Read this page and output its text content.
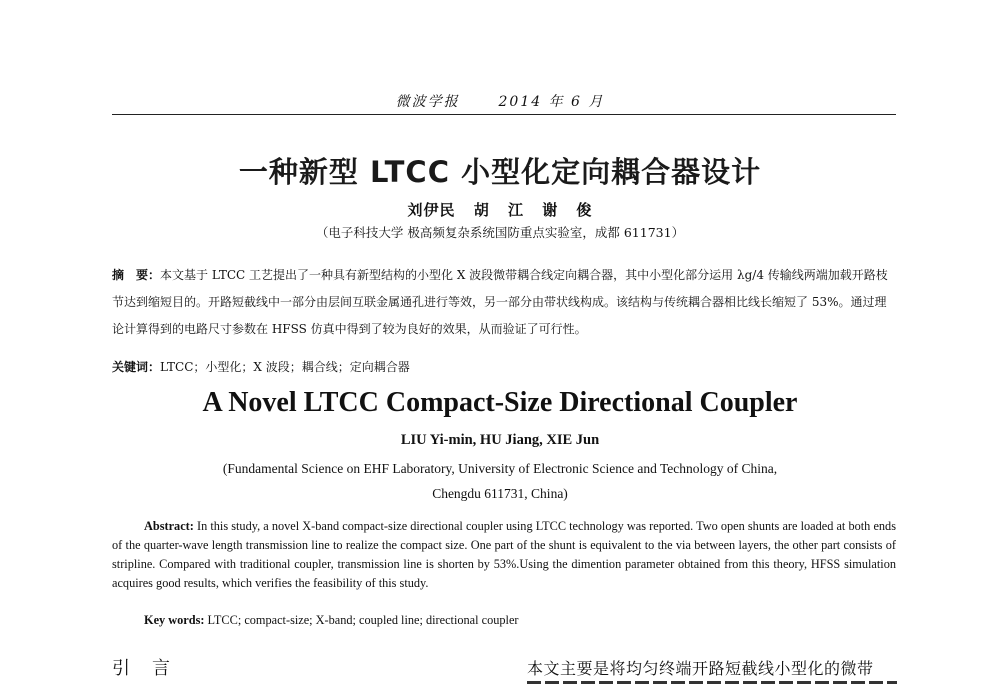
微波学报	2014 年 6 月
一种新型 LTCC 小型化定向耦合器设计
刘伊民 胡 江 谢 俊
（电子科技大学 极高频复杂系统国防重点实验室，成都 611731）
摘　要：本文基于 LTCC 工艺提出了一种具有新型结构的小型化 X 波段微带耦合线定向耦合器，其中小型化部分运用 λg/4 传输线两端加载开路枝节达到缩短目的。开路短截线中一部分由层间互联金属通孔进行等效，另一部分由带状线构成。该结构与传统耦合器相比线长缩短了 53%。通过理论计算得到的电路尺寸参数在 HFSS 仿真中得到了较为良好的效果，从而验证了可行性。
关键词：LTCC；小型化；X 波段；耦合线；定向耦合器
A Novel LTCC Compact-Size Directional Coupler
LIU Yi-min, HU Jiang, XIE Jun
(Fundamental Science on EHF Laboratory, University of Electronic Science and Technology of China,
Chengdu 611731, China)
Abstract: In this study, a novel X-band compact-size directional coupler using LTCC technology was reported. Two open shunts are loaded at both ends of the quarter-wave length transmission line to realize the compact size. One part of the shunt is equivalent to the via between layers, the other part consists of stripline. Compared with traditional coupler, transmission line is shorten by 53%.Using the dimention parameter obtained from this theory, HFSS simulation acquires good results, which verifies the feasibility of this study.
Key words: LTCC; compact-size; X-band; coupled line; directional coupler
引　言	本文主要是将均匀终端开路短截线小型化的微带
